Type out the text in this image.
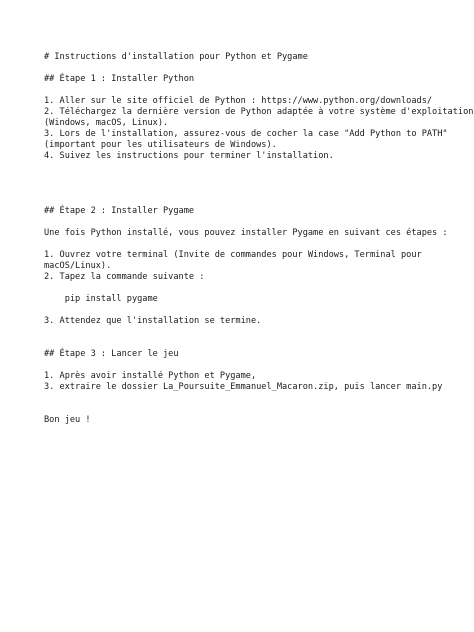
# Instructions d'installation pour Python et Pygame
## Étape 1 : Installer Python
1. Aller sur le site officiel de Python : https://www.python.org/downloads/
2. Téléchargez la dernière version de Python adaptée à votre système d'exploitation
(Windows, macOS, Linux).
3. Lors de l'installation, assurez-vous de cocher la case "Add Python to PATH"
(important pour les utilisateurs de Windows).
4. Suivez les instructions pour terminer l'installation.
## Étape 2 : Installer Pygame
Une fois Python installé, vous pouvez installer Pygame en suivant ces étapes :
1. Ouvrez votre terminal (Invite de commandes pour Windows, Terminal pour
macOS/Linux).
2. Tapez la commande suivante :
pip install pygame
3. Attendez que l'installation se termine.
## Étape 3 : Lancer le jeu
1. Après avoir installé Python et Pygame,
3. extraire le dossier La_Poursuite_Emmanuel_Macaron.zip, puis lancer main.py
Bon jeu !
